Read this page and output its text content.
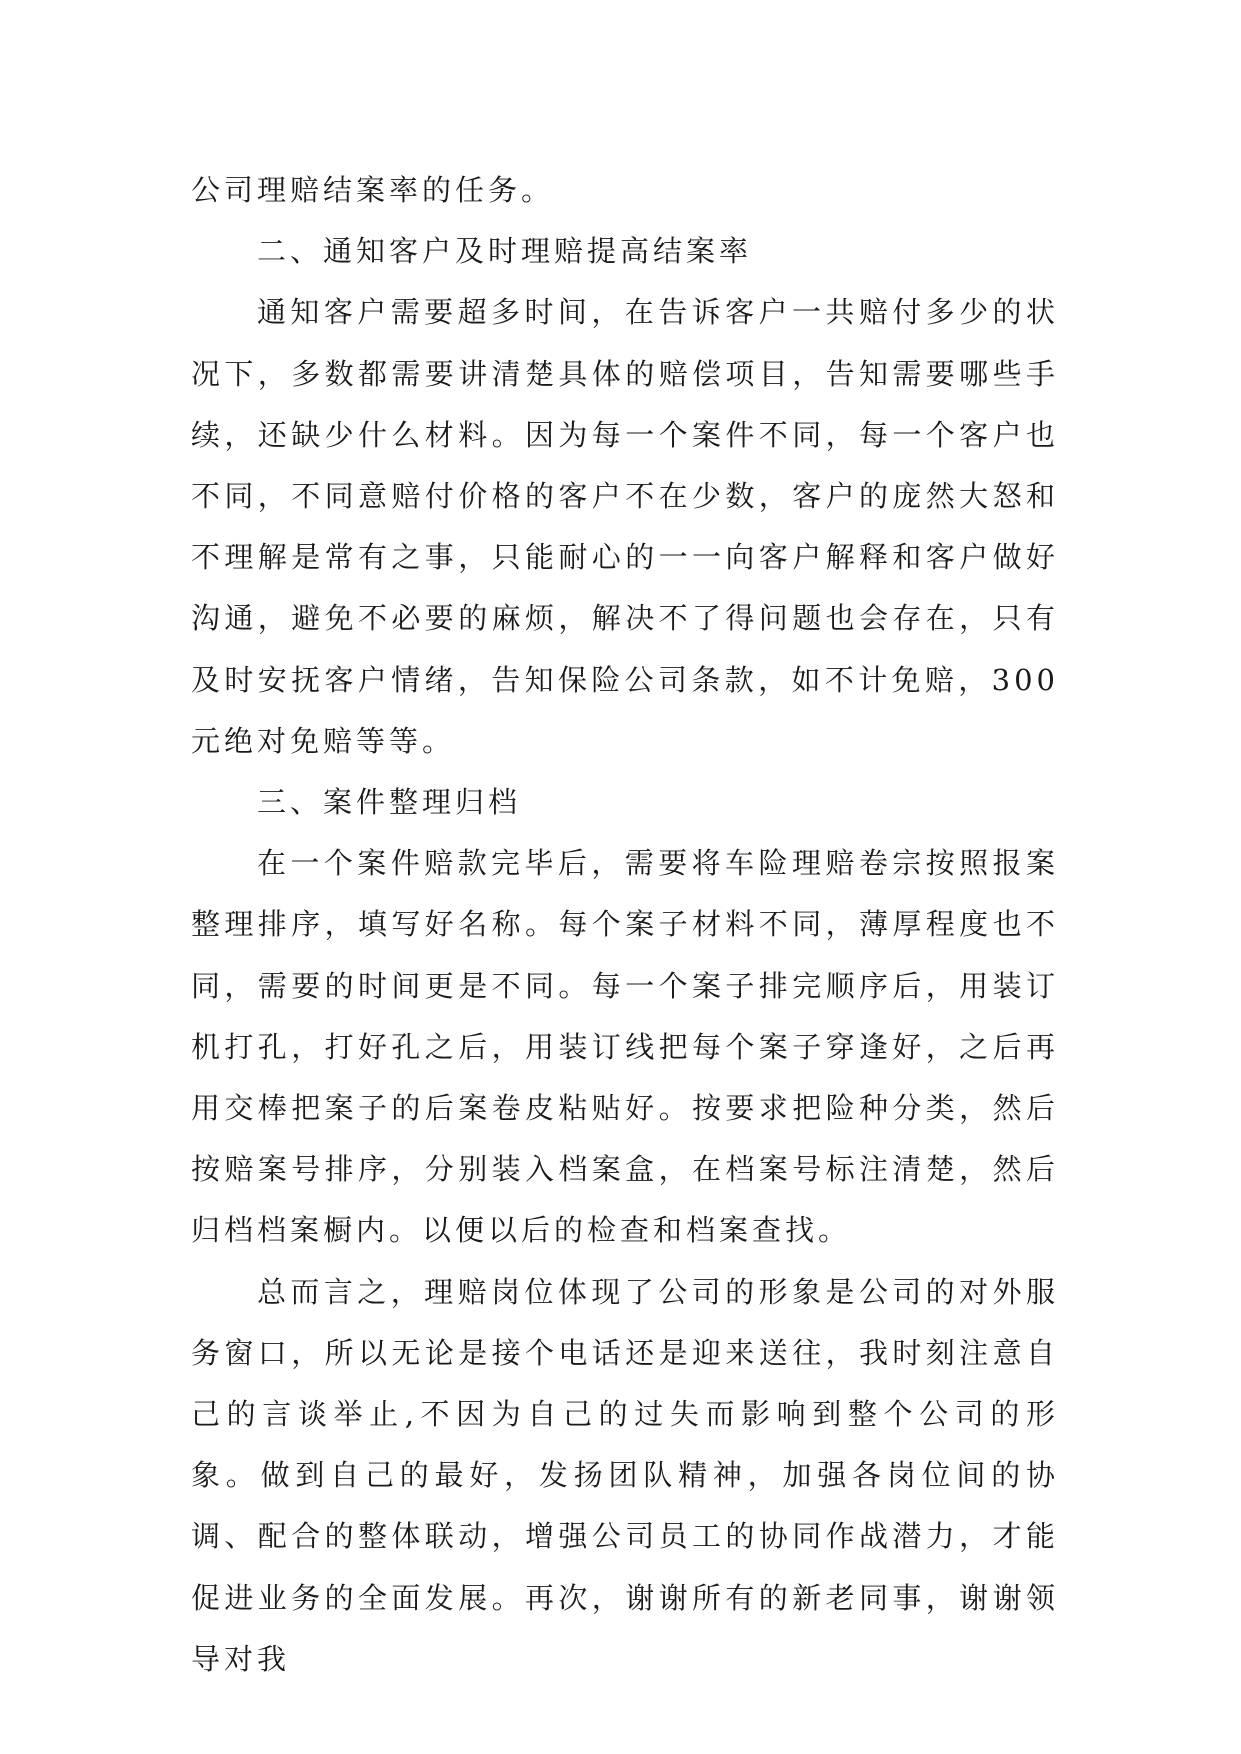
公司理赔结案率的任务。

二、通知客户及时理赔提高结案率

通知客户需要超多时间，在告诉客户一共赔付多少的状况下，多数都需要讲清楚具体的赔偿项目，告知需要哪些手续，还缺少什么材料。因为每一个案件不同，每一个客户也不同，不同意赔付价格的客户不在少数，客户的庞然大怒和不理解是常有之事，只能耐心的一一向客户解释和客户做好沟通，避免不必要的麻烦，解决不了得问题也会存在，只有及时安抚客户情绪，告知保险公司条款，如不计免赔，300元绝对免赔等等。

三、案件整理归档

在一个案件赔款完毕后，需要将车险理赔卷宗按照报案整理排序，填写好名称。每个案子材料不同，薄厚程度也不同，需要的时间更是不同。每一个案子排完顺序后，用装订机打孔，打好孔之后，用装订线把每个案子穿逢好，之后再用交棒把案子的后案卷皮粘贴好。按要求把险种分类，然后按赔案号排序，分别装入档案盒，在档案号标注清楚，然后归档档案橱内。以便以后的检查和档案查找。

总而言之，理赔岗位体现了公司的形象是公司的对外服务窗口，所以无论是接个电话还是迎来送往，我时刻注意自己的言谈举止,不因为自己的过失而影响到整个公司的形象。做到自己的最好，发扬团队精神，加强各岗位间的协调、配合的整体联动，增强公司员工的协同作战潜力，才能促进业务的全面发展。再次，谢谢所有的新老同事，谢谢领导对我
